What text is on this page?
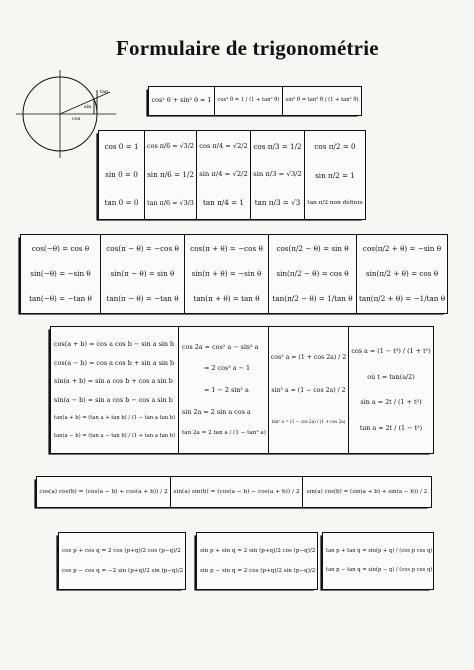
Formulaire de trigonométrie
sin
tan
cos
cos² θ + sin² θ = 1 cos² θ = 1 / (1 + tan² θ) sin² θ = tan² θ / (1 + tan² θ)
cos 0 = 1
sin 0 = 0
tan 0 = 0
cos π/6 = √3/2
sin π/6 = 1/2
tan π/6 = √3/3
cos π/4 = √2/2
sin π/4 = √2/2
tan π/4 = 1
cos π/3 = 1/2
sin π/3 = √3/2
tan π/3 = √3
cos π/2 = 0
sin π/2 = 1
tan π/2 non définie
cos(−θ) = cos θ
sin(−θ) = −sin θ
tan(−θ) = −tan θ
cos(π − θ) = −cos θ
sin(π − θ) = sin θ
tan(π − θ) = −tan θ
cos(π + θ) = −cos θ
sin(π + θ) = −sin θ
tan(π + θ) = tan θ
cos(π/2 − θ) = sin θ
sin(π/2 − θ) = cos θ
tan(π/2 − θ) = 1/tan θ
cos(π/2 + θ) = −sin θ
sin(π/2 + θ) = cos θ
tan(π/2 + θ) = −1/tan θ
cos(a + b) = cos a cos b − sin a sin b
cos(a − b) = cos a cos b + sin a sin b
sin(a + b) = sin a cos b + cos a sin b
sin(a − b) = sin a cos b − cos a sin b
tan(a + b) = (tan a + tan b) / (1 − tan a tan b)
tan(a − b) = (tan a − tan b) / (1 + tan a tan b)
cos 2a = cos² a − sin² a
= 2 cos² a − 1
= 1 − 2 sin² a
sin 2a = 2 sin a cos a
tan 2a = 2 tan a / (1 − tan² a)
cos² a = (1 + cos 2a) / 2
sin² a = (1 − cos 2a) / 2
tan² a = (1 − cos 2a) / (1 + cos 2a)
cos a = (1 − t²) / (1 + t²)
où t = tan(a/2)
sin a = 2t / (1 + t²)
tan a = 2t / (1 − t²)
cos(a) cos(b) = (cos(a − b) + cos(a + b)) / 2 sin(a) sin(b) = (cos(a − b) − cos(a + b)) / 2 sin(a) cos(b) = (sin(a + b) + sin(a − b)) / 2
cos p + cos q = 2 cos (p+q)/2 cos (p−q)/2
cos p − cos q = −2 sin (p+q)/2 sin (p−q)/2
sin p + sin q = 2 sin (p+q)/2 cos (p−q)/2
sin p − sin q = 2 cos (p+q)/2 sin (p−q)/2
tan p + tan q = sin(p + q) / (cos p cos q)
tan p − tan q = sin(p − q) / (cos p cos q)
